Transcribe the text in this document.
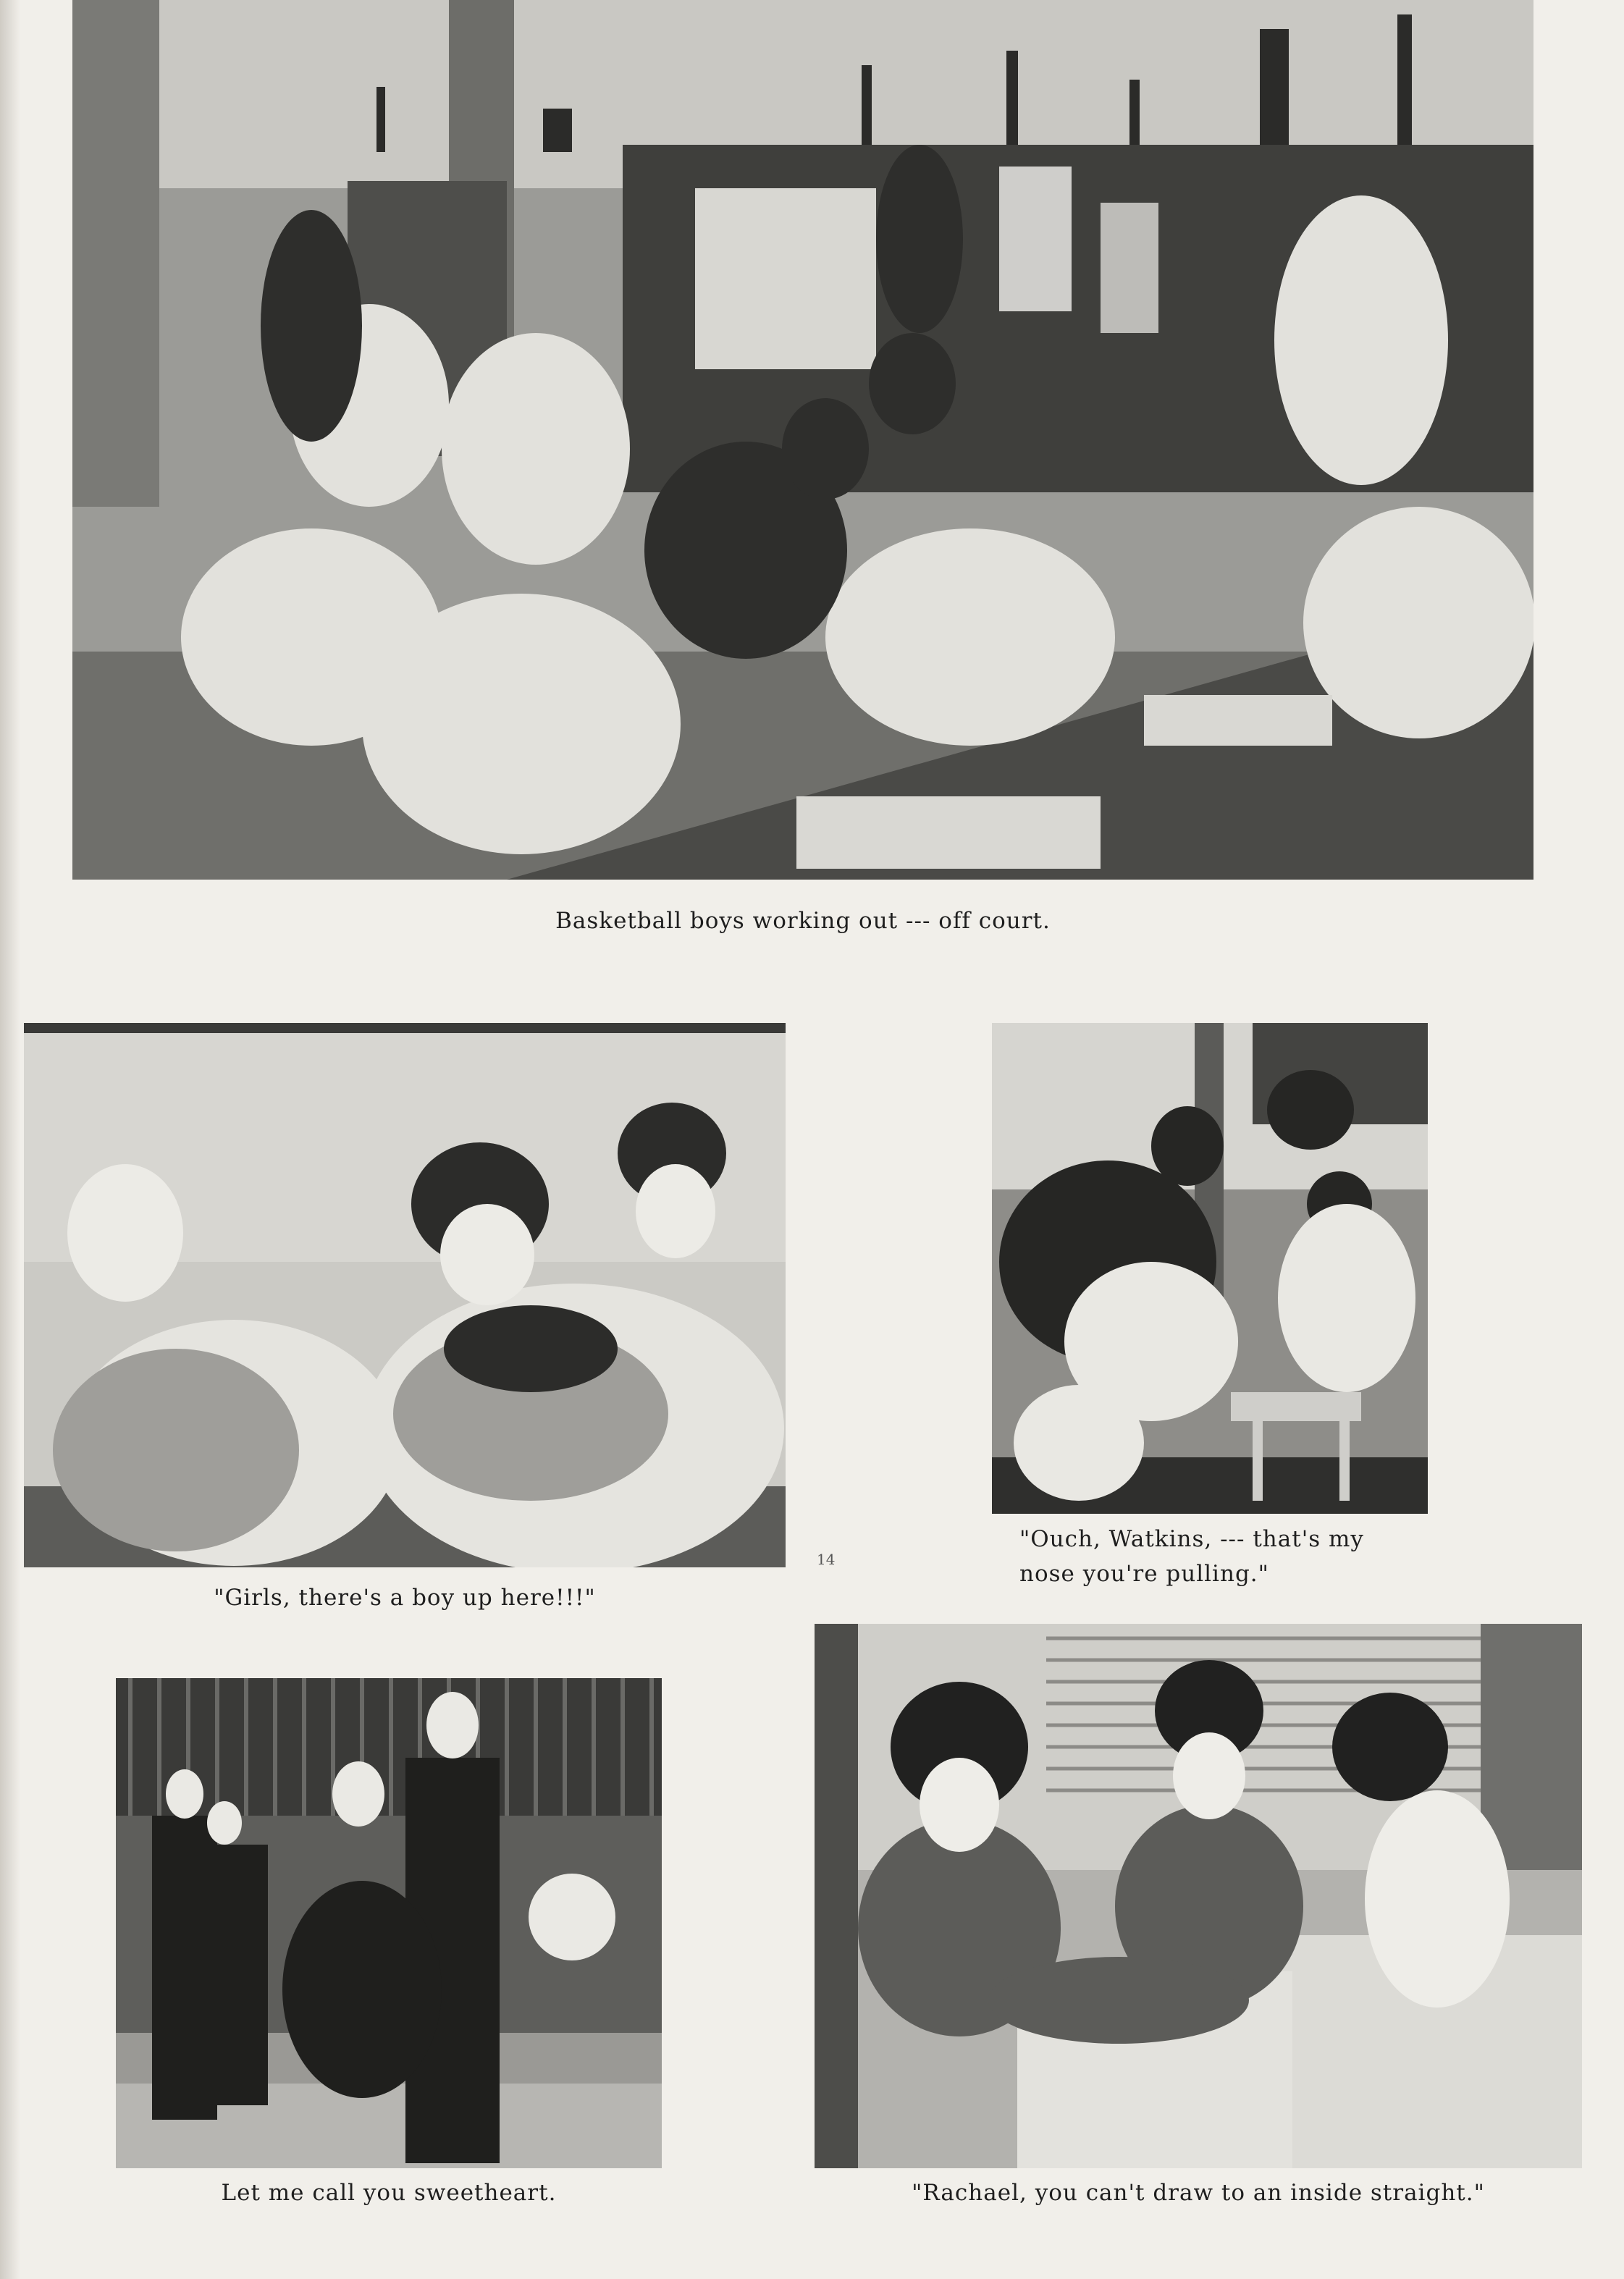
Basketball boys working out --- off court.
"Girls, there's a boy up here!!!"
14
"Ouch, Watkins, --- that's my
nose you're pulling."
Let me call you sweetheart.	"Rachael, you can't draw to an inside straight."
